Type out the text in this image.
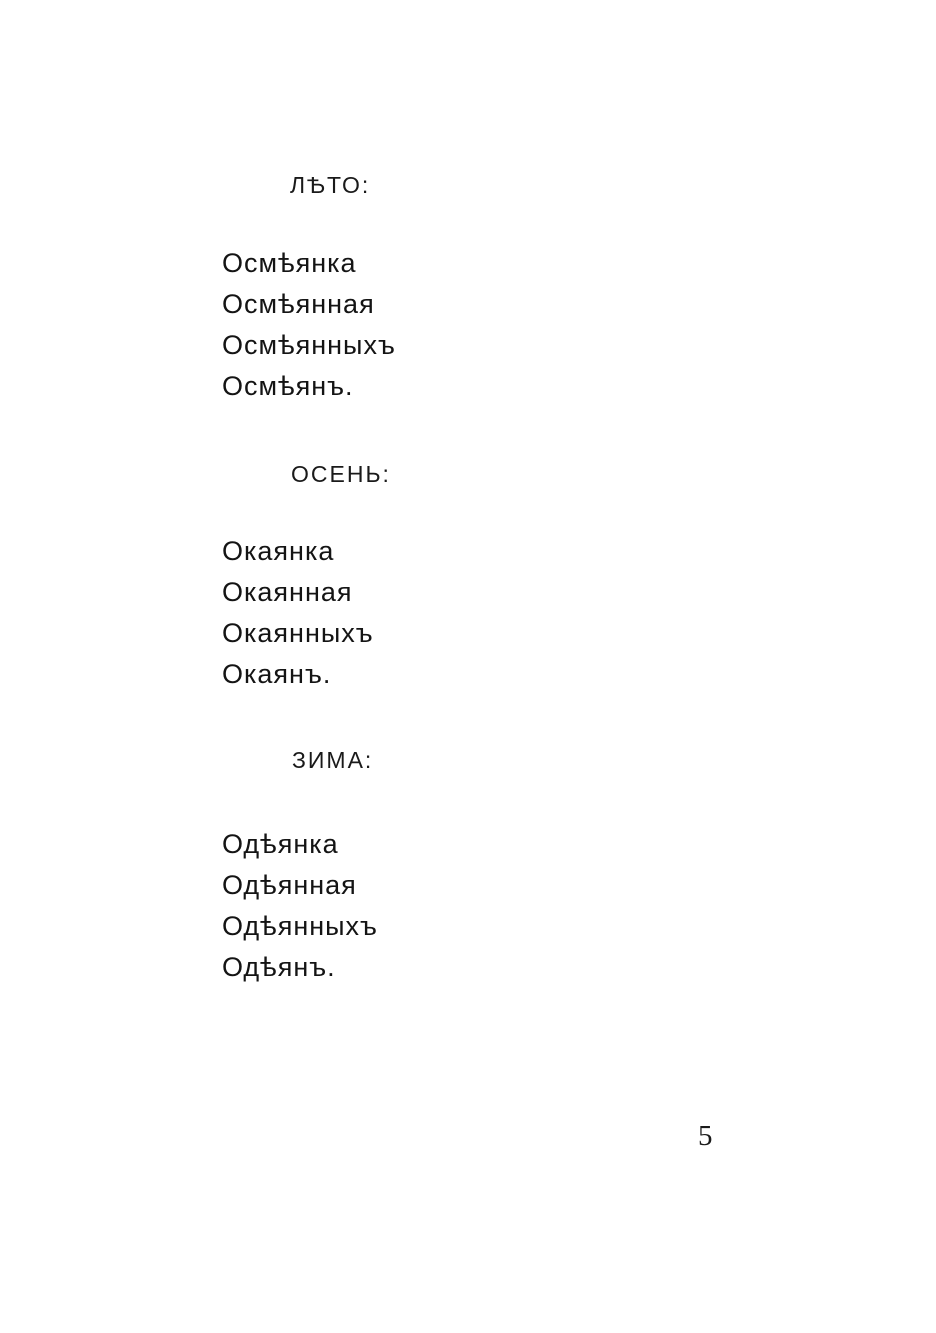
ЛѢТО:
Осмѣянка
Осмѣянная
Осмѣянныхъ
Осмѣянъ.
ОСЕНЬ:
Окаянка
Окаянная
Окаянныхъ
Окаянъ.
ЗИМА:
Одѣянка
Одѣянная
Одѣянныхъ
Одѣянъ.
5
